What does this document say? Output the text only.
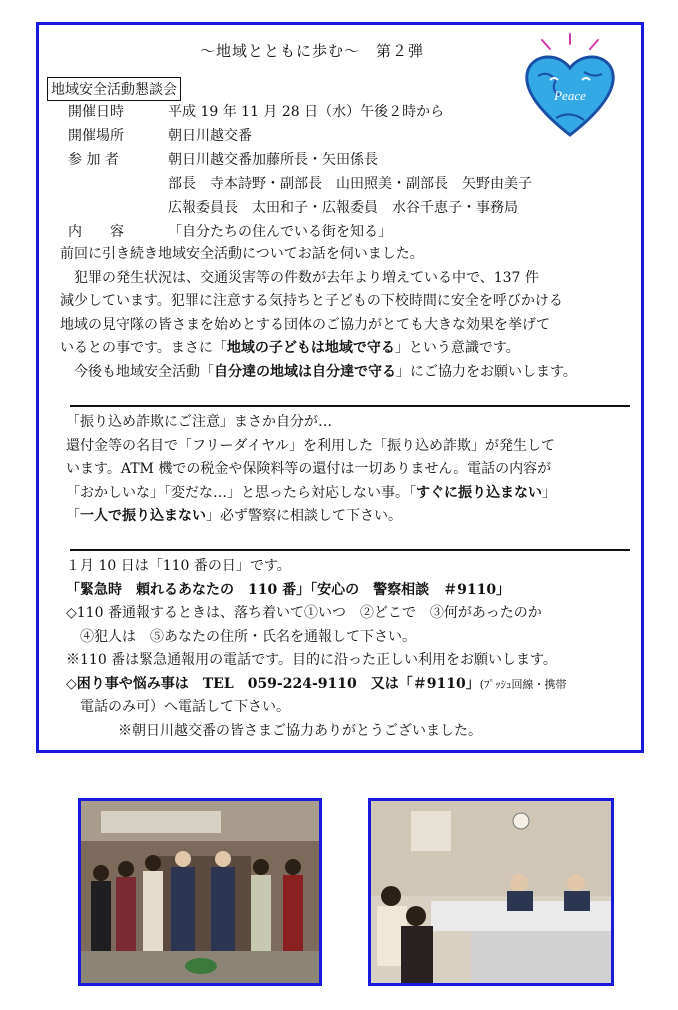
～地域とともに歩む～　第２弾
Peace
地域安全活動懇談会
開催日時	平成 19 年 11 月 28 日（水）午後２時から
開催場所	朝日川越交番
参 加 者	朝日川越交番加藤所長・矢田係長
部長　寺本詩野・副部長　山田照美・副部長　矢野由美子
広報委員長　太田和子・広報委員　水谷千恵子・事務局
内　　容	「自分たちの住んでいる街を知る」
前回に引き続き地域安全活動についてお話を伺いました。
　犯罪の発生状況は、交通災害等の件数が去年より増えている中で、137 件
減少しています。犯罪に注意する気持ちと子どもの下校時間に安全を呼びかける
地域の見守隊の皆さまを始めとする団体のご協力がとても大きな効果を挙げて
いるとの事です。まさに「地域の子どもは地域で守る」という意識です。
　今後も地域安全活動「自分達の地域は自分達で守る」にご協力をお願いします。
「振り込め詐欺にご注意」まさか自分が…
還付金等の名目で「フリーダイヤル」を利用した「振り込め詐欺」が発生して
います。ATM 機での税金や保険料等の還付は一切ありません。電話の内容が
「おかしいな」「変だな…」と思ったら対応しない事。「すぐに振り込まない」
「一人で振り込まない」必ず警察に相談して下さい。
１月 10 日は「110 番の日」です。
「緊急時　頼れるあなたの　110 番」「安心の　警察相談　＃9110」
◇110 番通報するときは、落ち着いて①いつ　②どこで　③何があったのか
　④犯人は　⑤あなたの住所・氏名を通報して下さい。
※110 番は緊急通報用の電話です。目的に沿った正しい利用をお願いします。
◇困り事や悩み事は　TEL　059-224-9110　又は「＃9110」(ﾌﾟｯｼｭ回線・携帯
　電話のみ可）へ電話して下さい。
※朝日川越交番の皆さまご協力ありがとうございました。
